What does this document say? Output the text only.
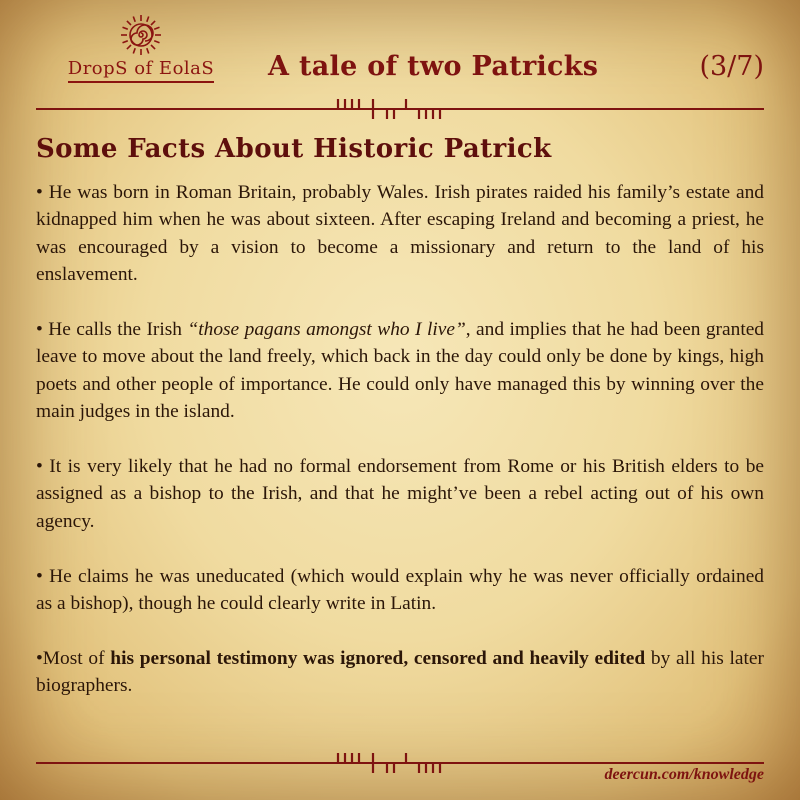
DropS of EolaS	A tale of two Patricks	(3/7)
Some Facts About Historic Patrick

• He was born in Roman Britain, probably Wales. Irish pirates raided his family’s estate and kidnapped him when he was about sixteen. After escaping Ireland and becoming a priest, he was encouraged by a vision to become a missionary and return to the land of his enslavement.

• He calls the Irish “those pagans amongst who I live”, and implies that he had been granted leave to move about the land freely, which back in the day could only be done by kings, high poets and other people of importance. He could only have managed this by winning over the main judges in the island.

• It is very likely that he had no formal endorsement from Rome or his British elders to be assigned as a bishop to the Irish, and that he might’ve been a rebel acting out of his own agency.

• He claims he was uneducated (which would explain why he was never officially ordained as a bishop), though he could clearly write in Latin.

•Most of his personal testimony was ignored, censored and heavily edited by all his later biographers.

deercun.com/knowledge
